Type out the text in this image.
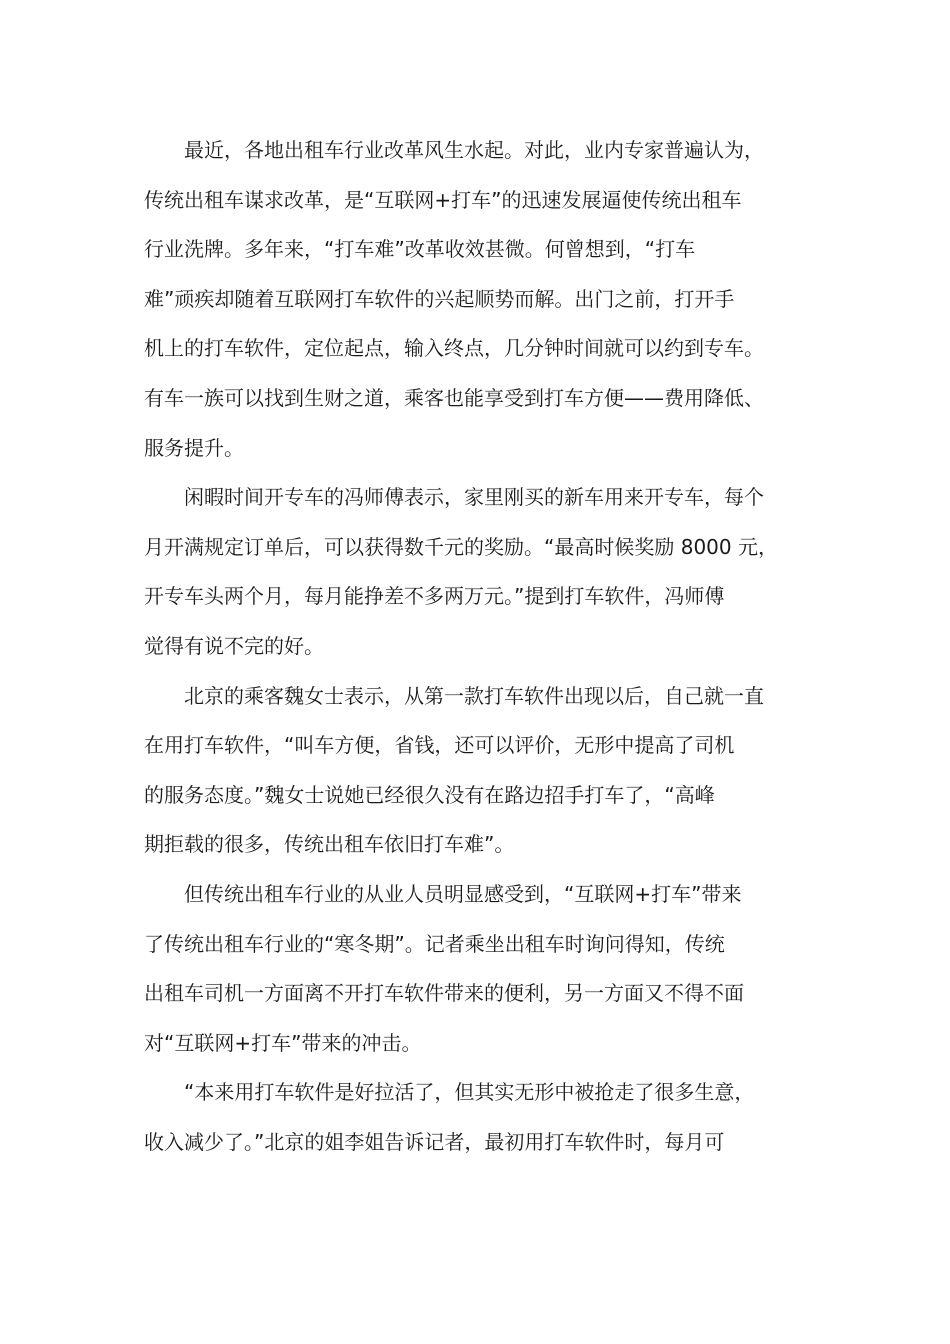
　　最近，各地出租车行业改革风生水起。对此，业内专家普遍认为，
传统出租车谋求改革，是“互联网+打车”的迅速发展逼使传统出租车
行业洗牌。多年来，“打车难”改革收效甚微。何曾想到，“打车
难”顽疾却随着互联网打车软件的兴起顺势而解。出门之前，打开手
机上的打车软件，定位起点，输入终点，几分钟时间就可以约到专车。
有车一族可以找到生财之道，乘客也能享受到打车方便——费用降低、
服务提升。
　　闲暇时间开专车的冯师傅表示，家里刚买的新车用来开专车，每个
月开满规定订单后，可以获得数千元的奖励。“最高时候奖励 8000 元，
开专车头两个月，每月能挣差不多两万元。”提到打车软件，冯师傅
觉得有说不完的好。
　　北京的乘客魏女士表示，从第一款打车软件出现以后，自己就一直
在用打车软件，“叫车方便，省钱，还可以评价，无形中提高了司机
的服务态度。”魏女士说她已经很久没有在路边招手打车了，“高峰
期拒载的很多，传统出租车依旧打车难”。
　　但传统出租车行业的从业人员明显感受到，“互联网+打车”带来
了传统出租车行业的“寒冬期”。记者乘坐出租车时询问得知，传统
出租车司机一方面离不开打车软件带来的便利，另一方面又不得不面
对“互联网+打车”带来的冲击。
　　“本来用打车软件是好拉活了，但其实无形中被抢走了很多生意，
收入减少了。”北京的姐李姐告诉记者，最初用打车软件时，每月可
